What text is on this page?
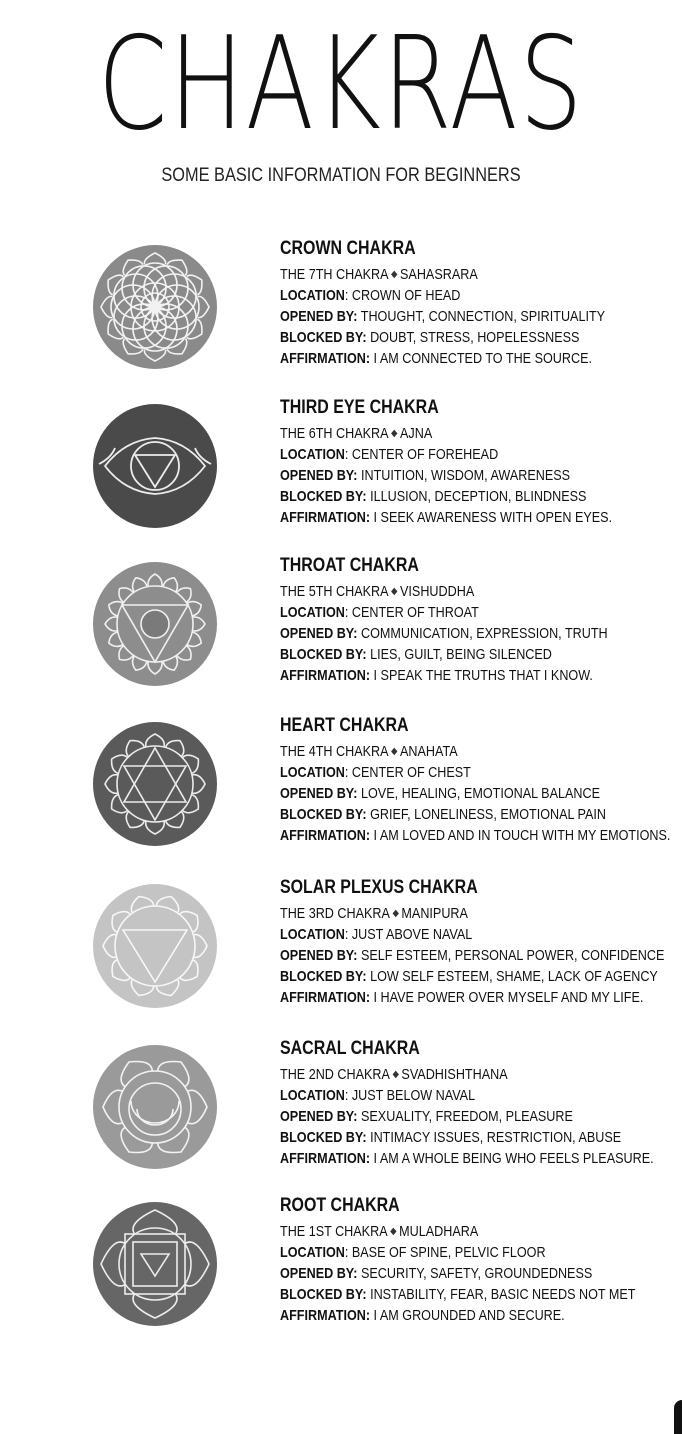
CHAKRAS
SOME BASIC INFORMATION FOR BEGINNERS
CROWN CHAKRA
THE 7TH CHAKRA ◆ SAHASRARA
LOCATION: CROWN OF HEAD
OPENED BY: THOUGHT, CONNECTION, SPIRITUALITY
BLOCKED BY: DOUBT, STRESS, HOPELESSNESS
AFFIRMATION: I AM CONNECTED TO THE SOURCE.
THIRD EYE CHAKRA
THE 6TH CHAKRA ◆ AJNA
LOCATION: CENTER OF FOREHEAD
OPENED BY: INTUITION, WISDOM, AWARENESS
BLOCKED BY: ILLUSION, DECEPTION, BLINDNESS
AFFIRMATION: I SEEK AWARENESS WITH OPEN EYES.
THROAT CHAKRA
THE 5TH CHAKRA ◆ VISHUDDHA
LOCATION: CENTER OF THROAT
OPENED BY: COMMUNICATION, EXPRESSION, TRUTH
BLOCKED BY: LIES, GUILT, BEING SILENCED
AFFIRMATION: I SPEAK THE TRUTHS THAT I KNOW.
HEART CHAKRA
THE 4TH CHAKRA ◆ ANAHATA
LOCATION: CENTER OF CHEST
OPENED BY: LOVE, HEALING, EMOTIONAL BALANCE
BLOCKED BY: GRIEF, LONELINESS, EMOTIONAL PAIN
AFFIRMATION: I AM LOVED AND IN TOUCH WITH MY EMOTIONS.
SOLAR PLEXUS CHAKRA
THE 3RD CHAKRA ◆ MANIPURA
LOCATION: JUST ABOVE NAVAL
OPENED BY: SELF ESTEEM, PERSONAL POWER, CONFIDENCE
BLOCKED BY: LOW SELF ESTEEM, SHAME, LACK OF AGENCY
AFFIRMATION: I HAVE POWER OVER MYSELF AND MY LIFE.
SACRAL CHAKRA
THE 2ND CHAKRA ◆ SVADHISHTHANA
LOCATION: JUST BELOW NAVAL
OPENED BY: SEXUALITY, FREEDOM, PLEASURE
BLOCKED BY: INTIMACY ISSUES, RESTRICTION, ABUSE
AFFIRMATION: I AM A WHOLE BEING WHO FEELS PLEASURE.
ROOT CHAKRA
THE 1ST CHAKRA ◆ MULADHARA
LOCATION: BASE OF SPINE, PELVIC FLOOR
OPENED BY: SECURITY, SAFETY, GROUNDEDNESS
BLOCKED BY: INSTABILITY, FEAR, BASIC NEEDS NOT MET
AFFIRMATION: I AM GROUNDED AND SECURE.
